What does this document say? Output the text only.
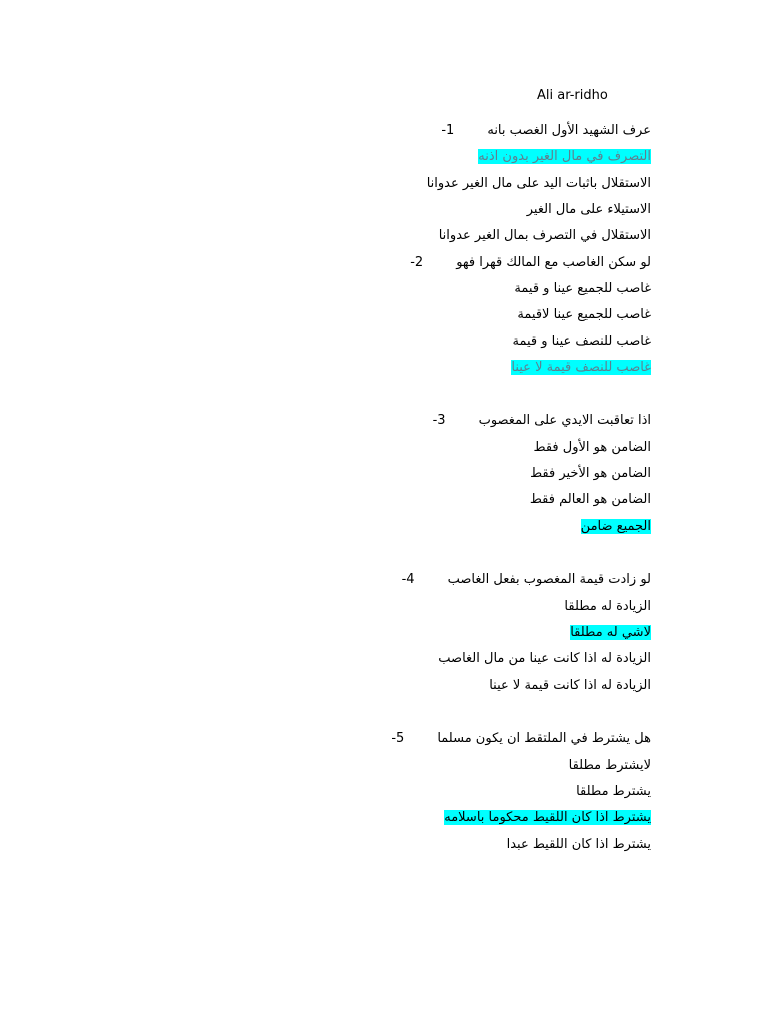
Ali ar-ridho
عرف الشهيد الأول الغصب بانه-1
التصرف في مال الغير بدون اذنه
الاستقلال باثبات اليد على مال الغير عدوانا
الاستيلاء على مال الغير
الاستقلال في التصرف بمال الغير عدوانا
لو سكن الغاصب مع المالك قهرا فهو-2
غاصب للجميع عينا و قيمة
غاصب للجميع عينا لاقيمة
غاصب للنصف عينا و قيمة
غاصب للنصف قيمة لا عينا
اذا تعاقبت الايدي على المغصوب-3
الضامن هو الأول فقط
الضامن هو الأخير فقط
الضامن هو العالم فقط
الجميع ضامن
لو زادت قيمة المغصوب بفعل الغاصب-4
الزيادة له مطلقا
لاشي له مطلقا
الزيادة له اذا كانت عينا من مال الغاصب
الزيادة له اذا كانت قيمة لا عينا
هل يشترط في الملتقط ان يكون مسلما-5
لايشترط مطلقا
يشترط مطلقا
يشترط اذا كان اللقيط محكوما باسلامه
يشترط اذا كان اللقيط عبدا
